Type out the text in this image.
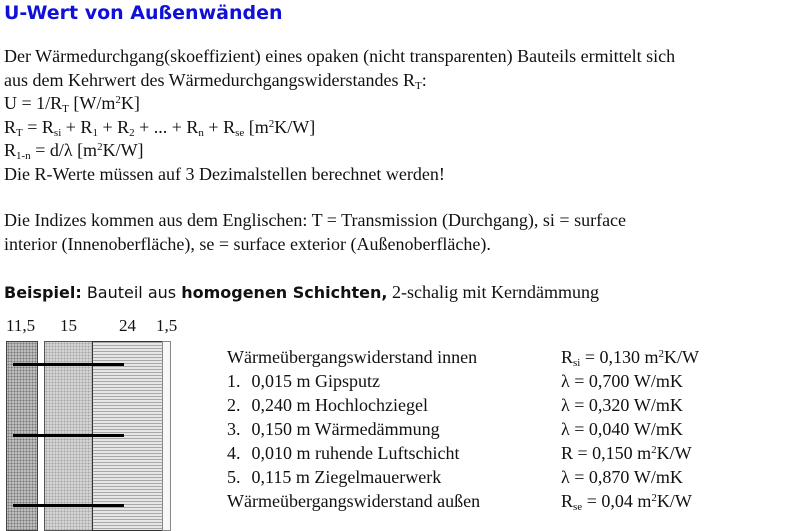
U-Wert von Außenwänden
Der Wärmedurchgang(skoeffizient) eines opaken (nicht transparenten) Bauteils ermittelt sich
aus dem Kehrwert des Wärmedurchgangswiderstandes $R_T$:
$U = 1/R_T$ $[W/m^2K]$
$R_T = R_{si} + R_1 + R_2$ + ... + $R_n + R_{se}$ $[m^2K/W]$
$R_{1-n} = d/\lambda$ $[m^2K/W]$
Die R-Werte müssen auf 3 Dezimalstellen berechnet werden!
Die Indizes kommen aus dem Englischen: T = Transmission (Durchgang), si = surface
interior (Innenoberfläche), se = surface exterior (Außenoberfläche).
Beispiel: Bauteil aus homogenen Schichten, 2-schalig mit Kerndämmung
11,5 15 24 1,5
Wärmeübergangswiderstand innen	$R_{si} = 0,130$ $m^2K/W$
1. 0,015 m Gipsputz	λ = 0,700 W/mK
2. 0,240 m Hochlochziegel	λ = 0,320 W/mK
3. 0,150 m Wärmedämmung	λ = 0,040 W/mK
4. 0,010 m ruhende Luftschicht	R = 0,150 $m^2K/W$
5. 0,115 m Ziegelmauerwerk	λ = 0,870 W/mK
Wärmeübergangswiderstand außen	$R_{se} = 0,04$ $m^2K/W$
